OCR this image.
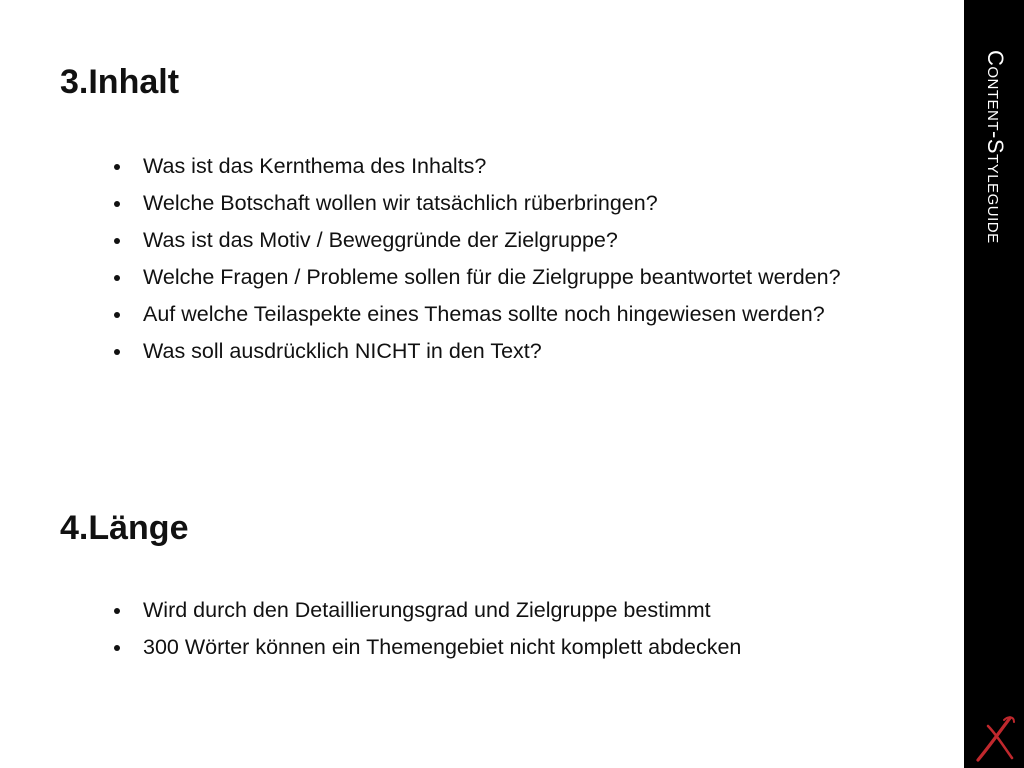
3.Inhalt
Was ist das Kernthema des Inhalts?
Welche Botschaft wollen wir tatsächlich rüberbringen?
Was ist das Motiv / Beweggründe der Zielgruppe?
Welche Fragen / Probleme sollen für die Zielgruppe beantwortet werden?
Auf welche Teilaspekte eines Themas sollte noch hingewiesen werden?
Was soll ausdrücklich NICHT in den Text?
4.Länge
Wird durch den Detaillierungsgrad und Zielgruppe bestimmt
300 Wörter können ein Themengebiet nicht komplett abdecken
Content-Styleguide
